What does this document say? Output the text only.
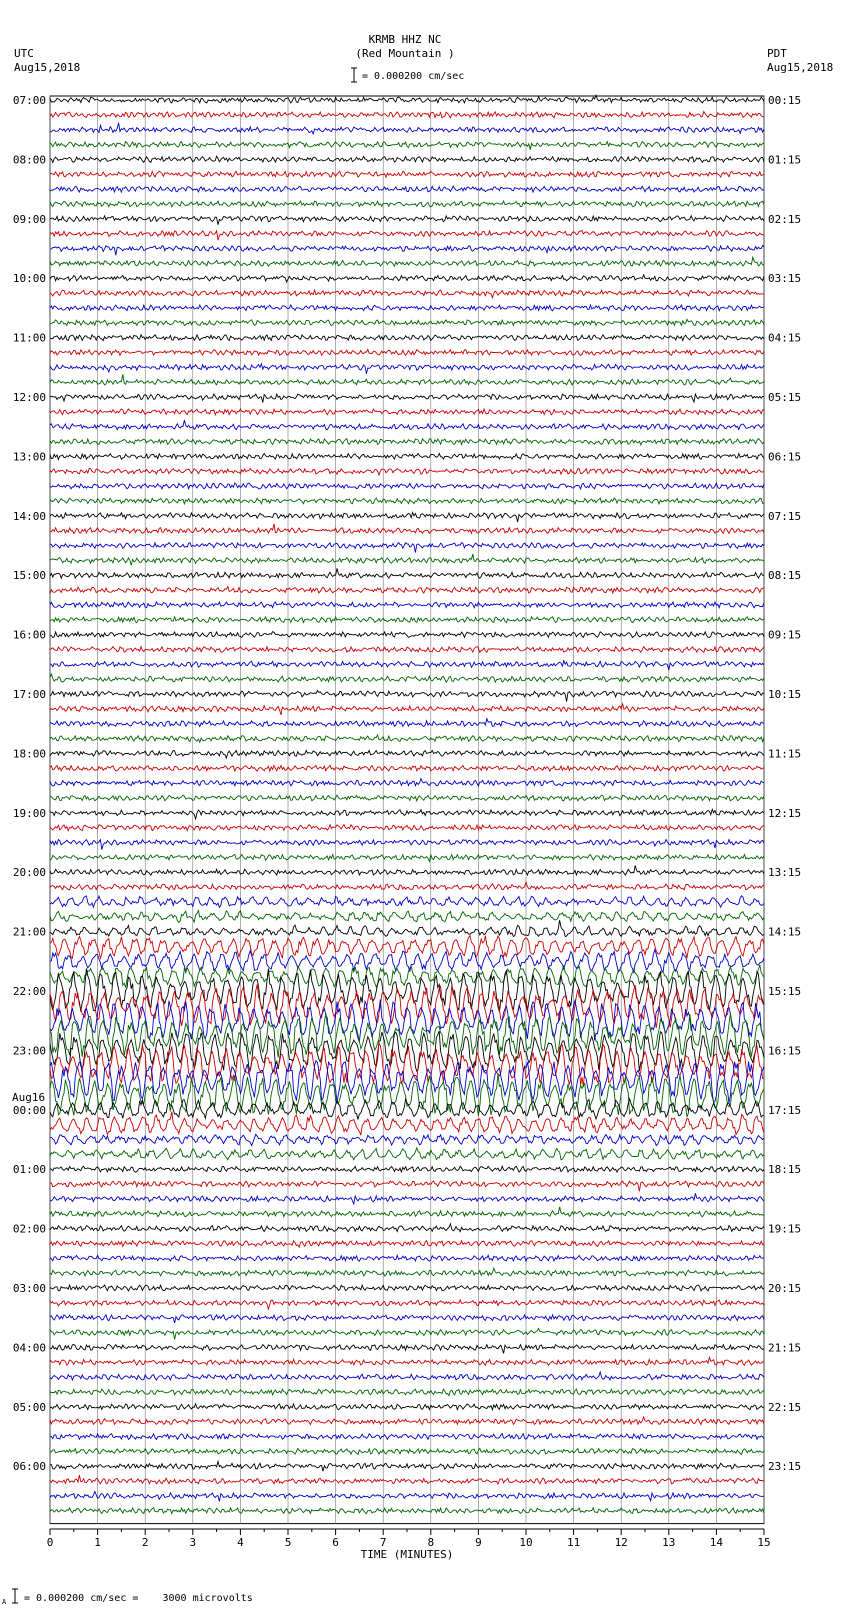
KRMB HHZ NC
(Red Mountain )
UTC
Aug15,2018
PDT
Aug15,2018
= 0.000200 cm/sec
A = 0.000200 cm/sec =    3000 microvolts
07:00
08:00
09:00
10:00
11:00
12:00
13:00
14:00
15:00
16:00
17:00
18:00
19:00
20:00
21:00
22:00
23:00
00:00
Aug16
01:00
02:00
03:00
04:00
05:00
06:00
00:15
01:15
02:15
03:15
04:15
05:15
06:15
07:15
08:15
09:15
10:15
11:15
12:15
13:15
14:15
15:15
16:15
17:15
18:15
19:15
20:15
21:15
22:15
23:15
0	1	2	3	4	5	6	7	8	9	10	11	12	13	14	15
TIME (MINUTES)
